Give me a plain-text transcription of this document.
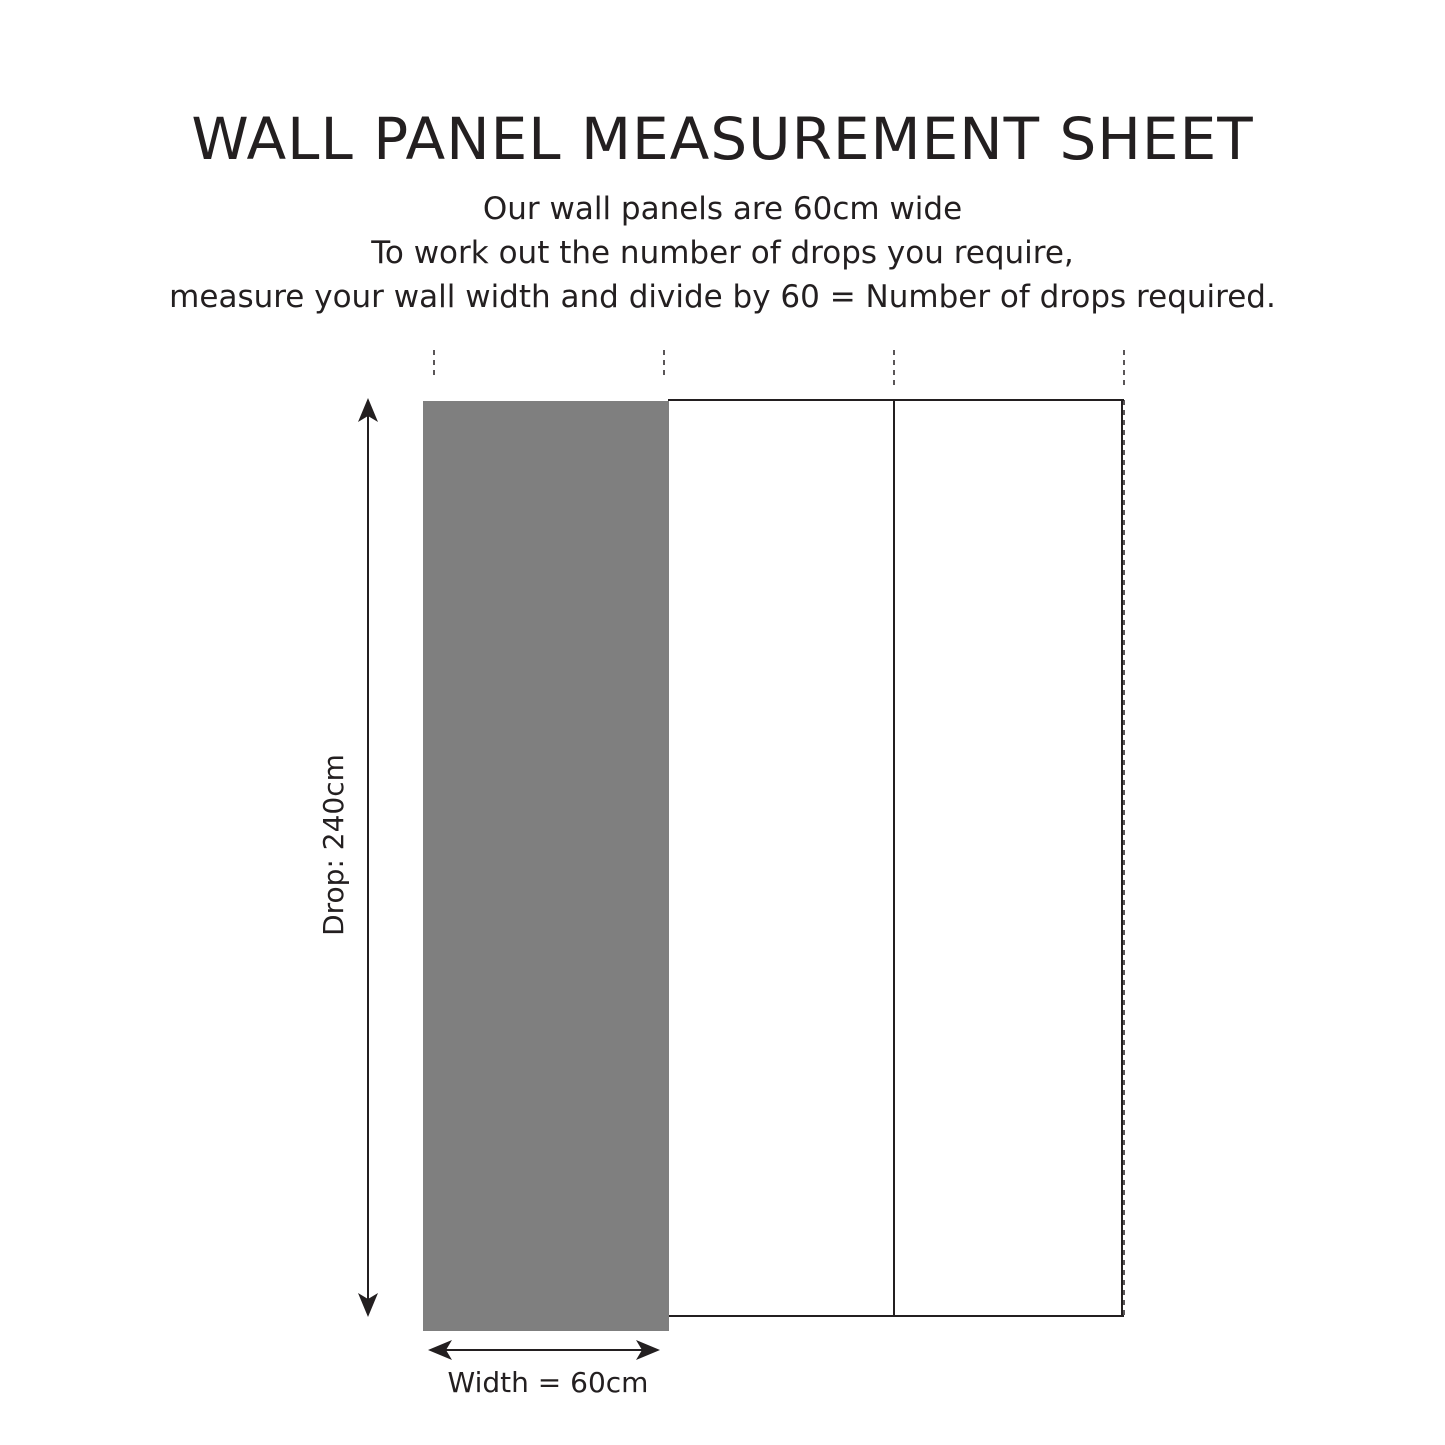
WALL PANEL MEASUREMENT SHEET

Our wall panels are 60cm wide

To work out the number of drops you require,

measure your wall width and divide by 60 = Number of drops required.

Drop: 240cm
Width = 60cm
